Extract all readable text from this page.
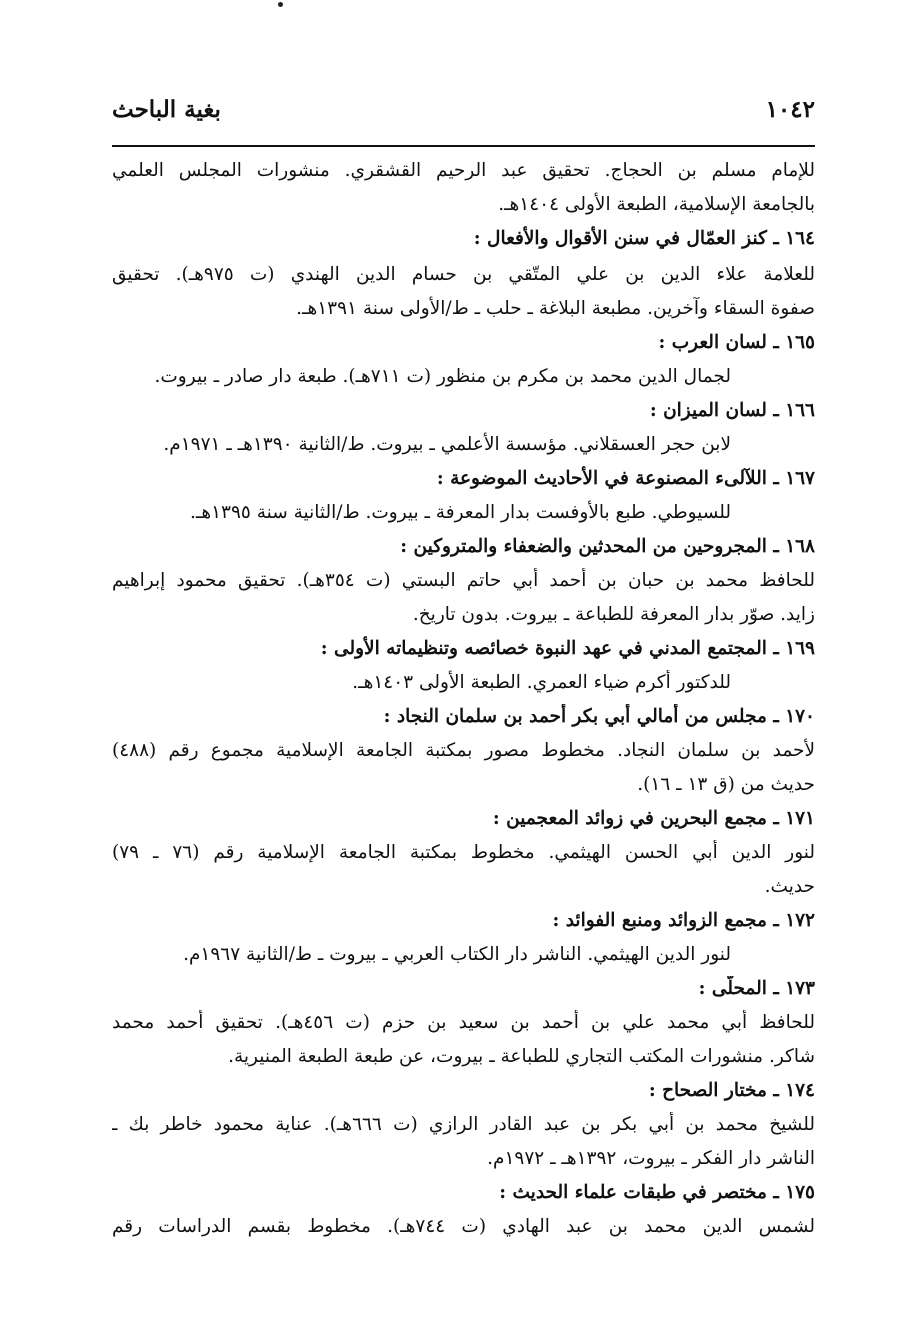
١٠٤٢
بغية الباحث
للإمام مسلم بن الحجاج. تحقيق عبد الرحيم القشقري. منشورات المجلس العلمي
بالجامعة الإسلامية، الطبعة الأولى ١٤٠٤هـ.
١٦٤ ـ كنز العمّال في سنن الأقوال والأفعال :
للعلامة علاء الدين بن علي المتّقي بن حسام الدين الهندي (ت ٩٧٥هـ). تحقيق
صفوة السقاء وآخرين. مطبعة البلاغة ـ حلب ـ ط/الأولى سنة ١٣٩١هـ.
١٦٥ ـ لسان العرب :
لجمال الدين محمد بن مكرم بن منظور (ت ٧١١هـ). طبعة دار صادر ـ بيروت.
١٦٦ ـ لسان الميزان :
لابن حجر العسقلاني. مؤسسة الأعلمي ـ بيروت. ط/الثانية ١٣٩٠هـ ـ ١٩٧١م.
١٦٧ ـ اللآلىء المصنوعة في الأحاديث الموضوعة :
للسيوطي. طبع بالأوفست بدار المعرفة ـ بيروت. ط/الثانية سنة ١٣٩٥هـ.
١٦٨ ـ المجروحين من المحدثين والضعفاء والمتروكين :
للحافظ محمد بن حبان بن أحمد أبي حاتم البستي (ت ٣٥٤هـ). تحقيق محمود إبراهيم
زايد. صوّر بدار المعرفة للطباعة ـ بيروت. بدون تاريخ.
١٦٩ ـ المجتمع المدني في عهد النبوة خصائصه وتنظيماته الأولى :
للدكتور أكرم ضياء العمري. الطبعة الأولى ١٤٠٣هـ.
١٧٠ ـ مجلس من أمالي أبي بكر أحمد بن سلمان النجاد :
لأحمد بن سلمان النجاد. مخطوط مصور بمكتبة الجامعة الإسلامية مجموع رقم (٤٨٨)
حديث من (ق ١٣ ـ ١٦).
١٧١ ـ مجمع البحرين في زوائد المعجمين :
لنور الدين أبي الحسن الهيثمي. مخطوط بمكتبة الجامعة الإسلامية رقم (٧٦ ـ ٧٩)
حديث.
١٧٢ ـ مجمع الزوائد ومنبع الفوائد :
لنور الدين الهيثمي. الناشر دار الكتاب العربي ـ بيروت ـ ط/الثانية ١٩٦٧م.
١٧٣ ـ المحلّى :
للحافظ أبي محمد علي بن أحمد بن سعيد بن حزم (ت ٤٥٦هـ). تحقيق أحمد محمد
شاكر. منشورات المكتب التجاري للطباعة ـ بيروت، عن طبعة الطبعة المنيرية.
١٧٤ ـ مختار الصحاح :
للشيخ محمد بن أبي بكر بن عبد القادر الرازي (ت ٦٦٦هـ). عناية محمود خاطر بك ـ
الناشر دار الفكر ـ بيروت، ١٣٩٢هـ ـ ١٩٧٢م.
١٧٥ ـ مختصر في طبقات علماء الحديث :
لشمس الدين محمد بن عبد الهادي (ت ٧٤٤هـ). مخطوط بقسم الدراسات رقم
